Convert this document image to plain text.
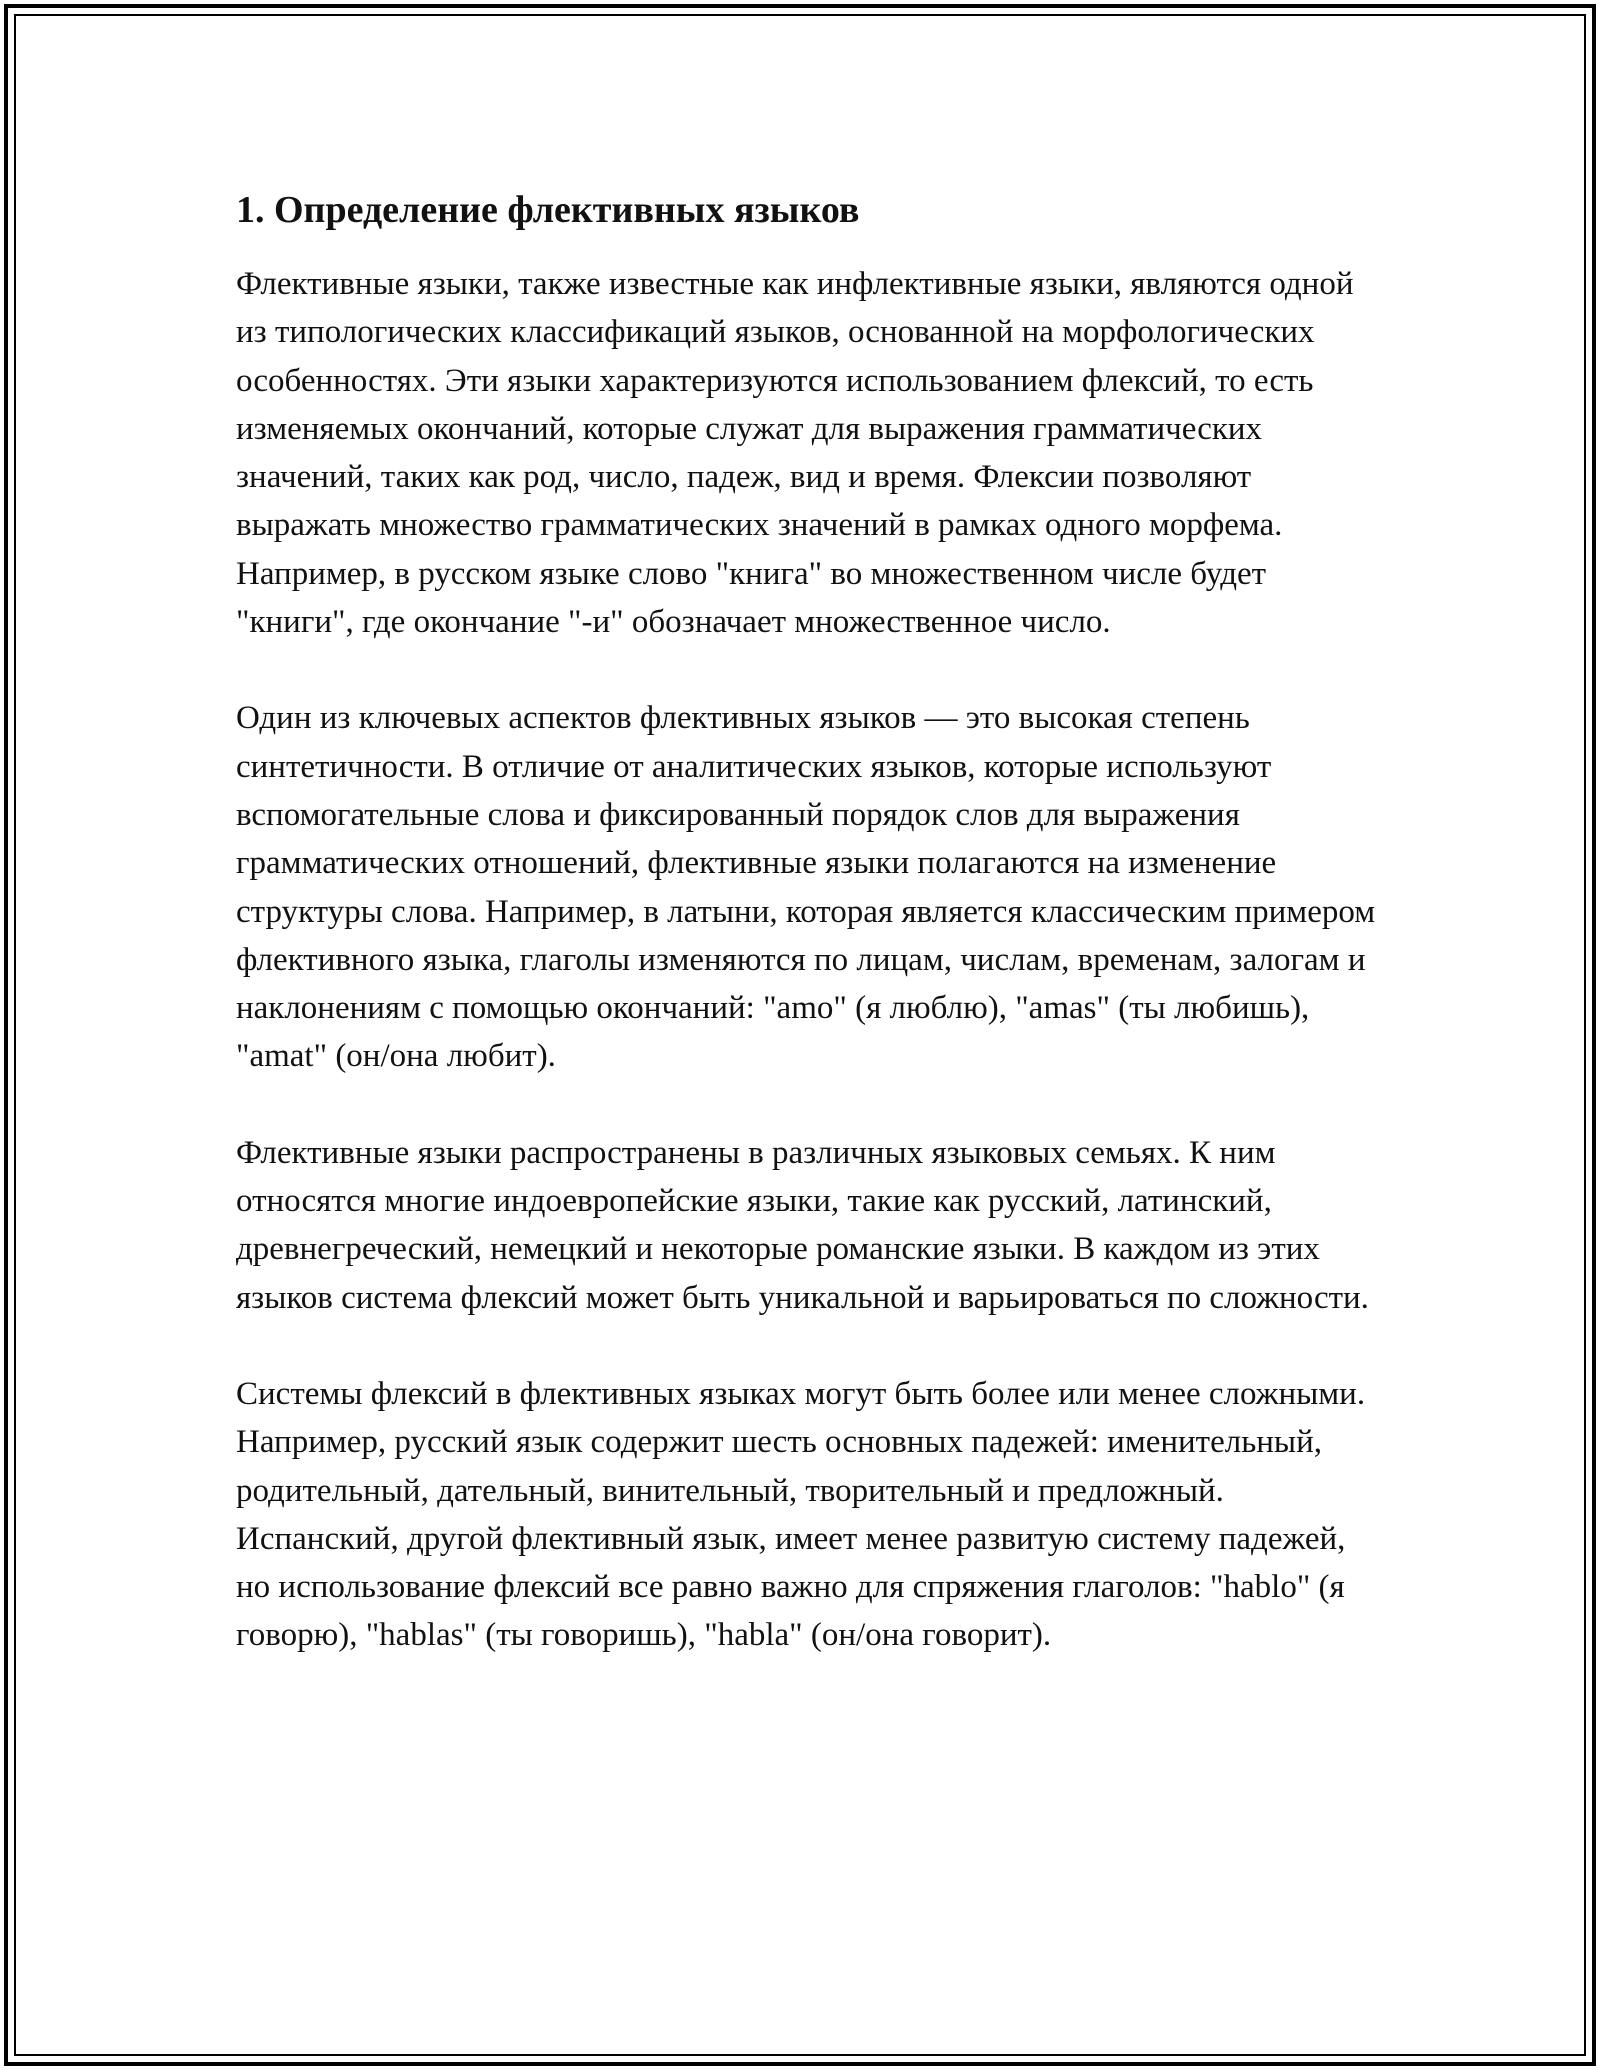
1. Определение флективных языков

Флективные языки, также известные как инфлективные языки, являются одной из типологических классификаций языков, основанной на морфологических особенностях. Эти языки характеризуются использованием флексий, то есть изменяемых окончаний, которые служат для выражения грамматических значений, таких как род, число, падеж, вид и время. Флексии позволяют выражать множество грамматических значений в рамках одного морфема. Например, в русском языке слово "книга" во множественном числе будет "книги", где окончание "-и" обозначает множественное число.

Один из ключевых аспектов флективных языков — это высокая степень синтетичности. В отличие от аналитических языков, которые используют вспомогательные слова и фиксированный порядок слов для выражения грамматических отношений, флективные языки полагаются на изменение структуры слова. Например, в латыни, которая является классическим примером флективного языка, глаголы изменяются по лицам, числам, временам, залогам и наклонениям с помощью окончаний: "amo" (я люблю), "amas" (ты любишь), "amat" (он/она любит).

Флективные языки распространены в различных языковых семьях. К ним относятся многие индоевропейские языки, такие как русский, латинский, древнегреческий, немецкий и некоторые романские языки. В каждом из этих языков система флексий может быть уникальной и варьироваться по сложности.

Системы флексий в флективных языках могут быть более или менее сложными. Например, русский язык содержит шесть основных падежей: именительный, родительный, дательный, винительный, творительный и предложный. Испанский, другой флективный язык, имеет менее развитую систему падежей, но использование флексий все равно важно для спряжения глаголов: "hablo" (я говорю), "hablas" (ты говоришь), "habla" (он/она говорит).
